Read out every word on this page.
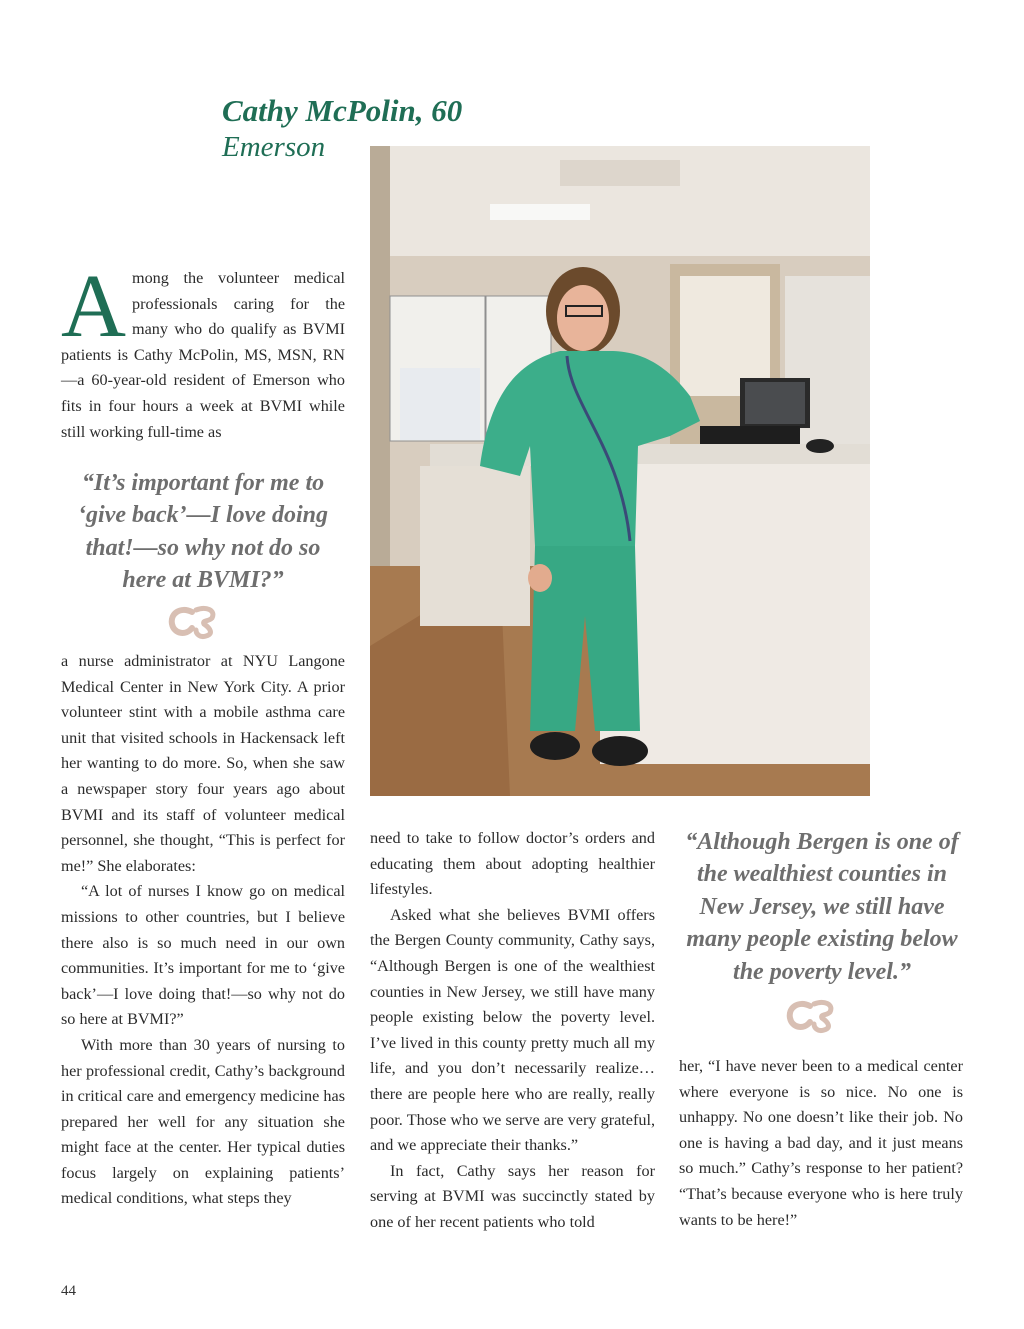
Cathy McPolin, 60
Emerson

Among the volunteer medical professionals caring for the many who do qualify as BVMI patients is Cathy McPolin, MS, MSN, RN—a 60-year-old resident of Emerson who fits in four hours a week at BVMI while still working full-time as

“It’s important for me to ‘give back’—I love doing that!—so why not do so here at BVMI?”

a nurse administrator at NYU Langone Medical Center in New York City. A prior volunteer stint with a mobile asthma care unit that visited schools in Hackensack left her wanting to do more. So, when she saw a newspaper story four years ago about BVMI and its staff of volunteer medical personnel, she thought, “This is perfect for me!” She elaborates:

“A lot of nurses I know go on medical missions to other countries, but I believe there also is so much need in our own communities. It’s important for me to ‘give back’—I love doing that!—so why not do so here at BVMI?”

With more than 30 years of nursing to her professional credit, Cathy’s background in critical care and emergency medicine has prepared her well for any situation she might face at the center. Her typical duties focus largely on explaining patients’ medical conditions, what steps they

need to take to follow doctor’s orders and educating them about adopting healthier lifestyles.

Asked what she believes BVMI offers the Bergen County community, Cathy says, “Although Bergen is one of the wealthiest counties in New Jersey, we still have many people existing below the poverty level. I’ve lived in this county pretty much all my life, and you don’t necessarily realize…there are people here who are really, really poor. Those who we serve are very grateful, and we appreciate their thanks.”

In fact, Cathy says her reason for serving at BVMI was succinctly stated by one of her recent patients who told

“Although Bergen is one of the wealthiest counties in New Jersey, we still have many people existing below the poverty level.”

her, “I have never been to a medical center where everyone is so nice. No one is unhappy. No one doesn’t like their job. No one is having a bad day, and it just means so much.” Cathy’s response to her patient? “That’s because everyone who is here truly wants to be here!”

44
